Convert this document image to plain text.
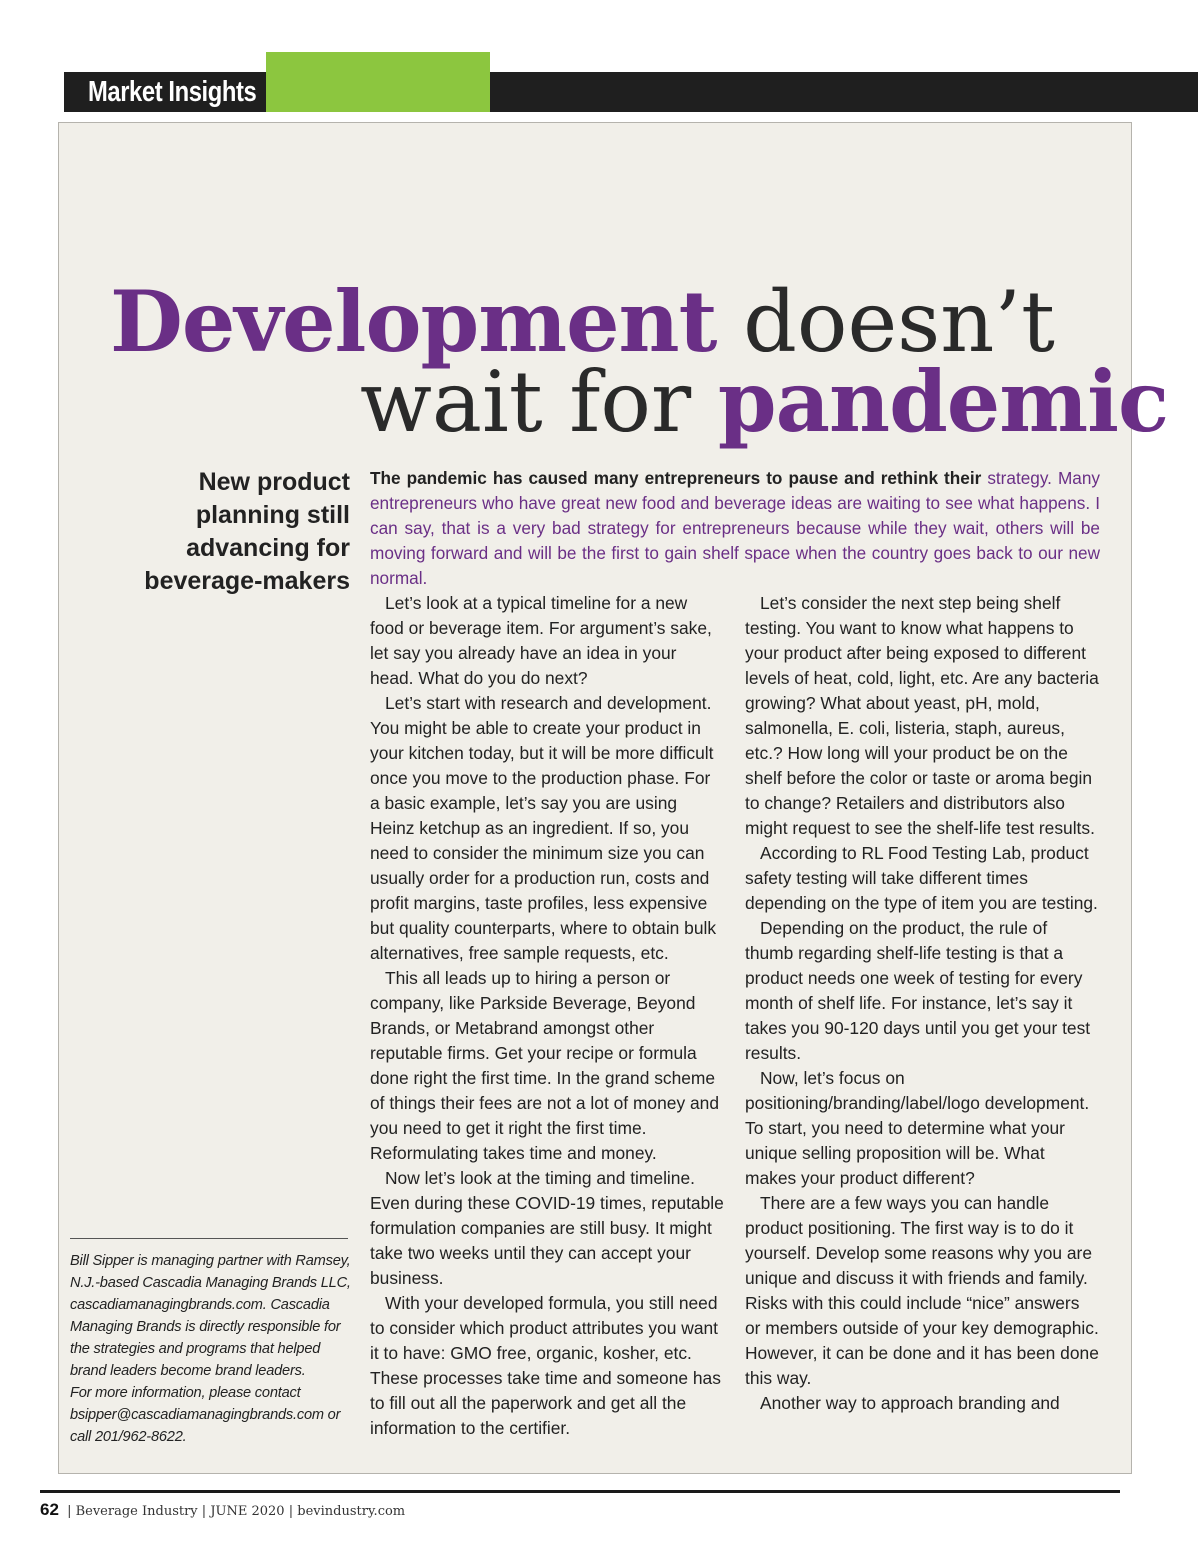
Market Insights
Development doesn’t
wait for pandemic
New product planning still advancing for beverage-makers
The pandemic has caused many entrepreneurs to pause and rethink their strategy. Many entrepreneurs who have great new food and beverage ideas are waiting to see what happens. I can say, that is a very bad strategy for entrepreneurs because while they wait, others will be moving forward and will be the first to gain shelf space when the country goes back to our new normal.

Let’s look at a typical timeline for a new food or beverage item. For argument’s sake, let say you already have an idea in your head. What do you do next?

Let’s start with research and development. You might be able to create your product in your kitchen today, but it will be more difficult once you move to the production phase. For a basic example, let’s say you are using Heinz ketchup as an ingredient. If so, you need to consider the minimum size you can usually order for a production run, costs and profit margins, taste profiles, less expensive but quality counterparts, where to obtain bulk alternatives, free sample requests, etc.

This all leads up to hiring a person or company, like Parkside Beverage, Beyond Brands, or Metabrand amongst other reputable firms. Get your recipe or formula done right the first time. In the grand scheme of things their fees are not a lot of money and you need to get it right the first time. Reformulating takes time and money.

Now let’s look at the timing and timeline. Even during these COVID-19 times, reputable formulation companies are still busy. It might take two weeks until they can accept your business.

With your developed formula, you still need to consider which product attributes you want it to have: GMO free, organic, kosher, etc. These processes take time and someone has to fill out all the paperwork and get all the information to the certifier.

Let’s consider the next step being shelf testing. You want to know what happens to your product after being exposed to different levels of heat, cold, light, etc. Are any bacteria growing? What about yeast, pH, mold, salmonella, E. coli, listeria, staph, aureus, etc.? How long will your product be on the shelf before the color or taste or aroma begin to change? Retailers and distributors also might request to see the shelf-life test results.

According to RL Food Testing Lab, product safety testing will take different times depending on the type of item you are testing.

Depending on the product, the rule of thumb regarding shelf-life testing is that a product needs one week of testing for every month of shelf life. For instance, let’s say it takes you 90-120 days until you get your test results.

Now, let’s focus on positioning/branding/label/logo development. To start, you need to determine what your unique selling proposition will be. What makes your product different?

There are a few ways you can handle product positioning. The first way is to do it yourself. Develop some reasons why you are unique and discuss it with friends and family. Risks with this could include “nice” answers or members outside of your key demographic. However, it can be done and it has been done this way.

Another way to approach branding and

Bill Sipper is managing partner with Ramsey, N.J.-based Cascadia Managing Brands LLC, cascadiamanagingbrands.com. Cascadia Managing Brands is directly responsible for the strategies and programs that helped brand leaders become brand leaders.

For more information, please contact bsipper@cascadiamanagingbrands.com or call 201/962-8622.

62 | Beverage Industry | JUNE 2020 | bevindustry.com
